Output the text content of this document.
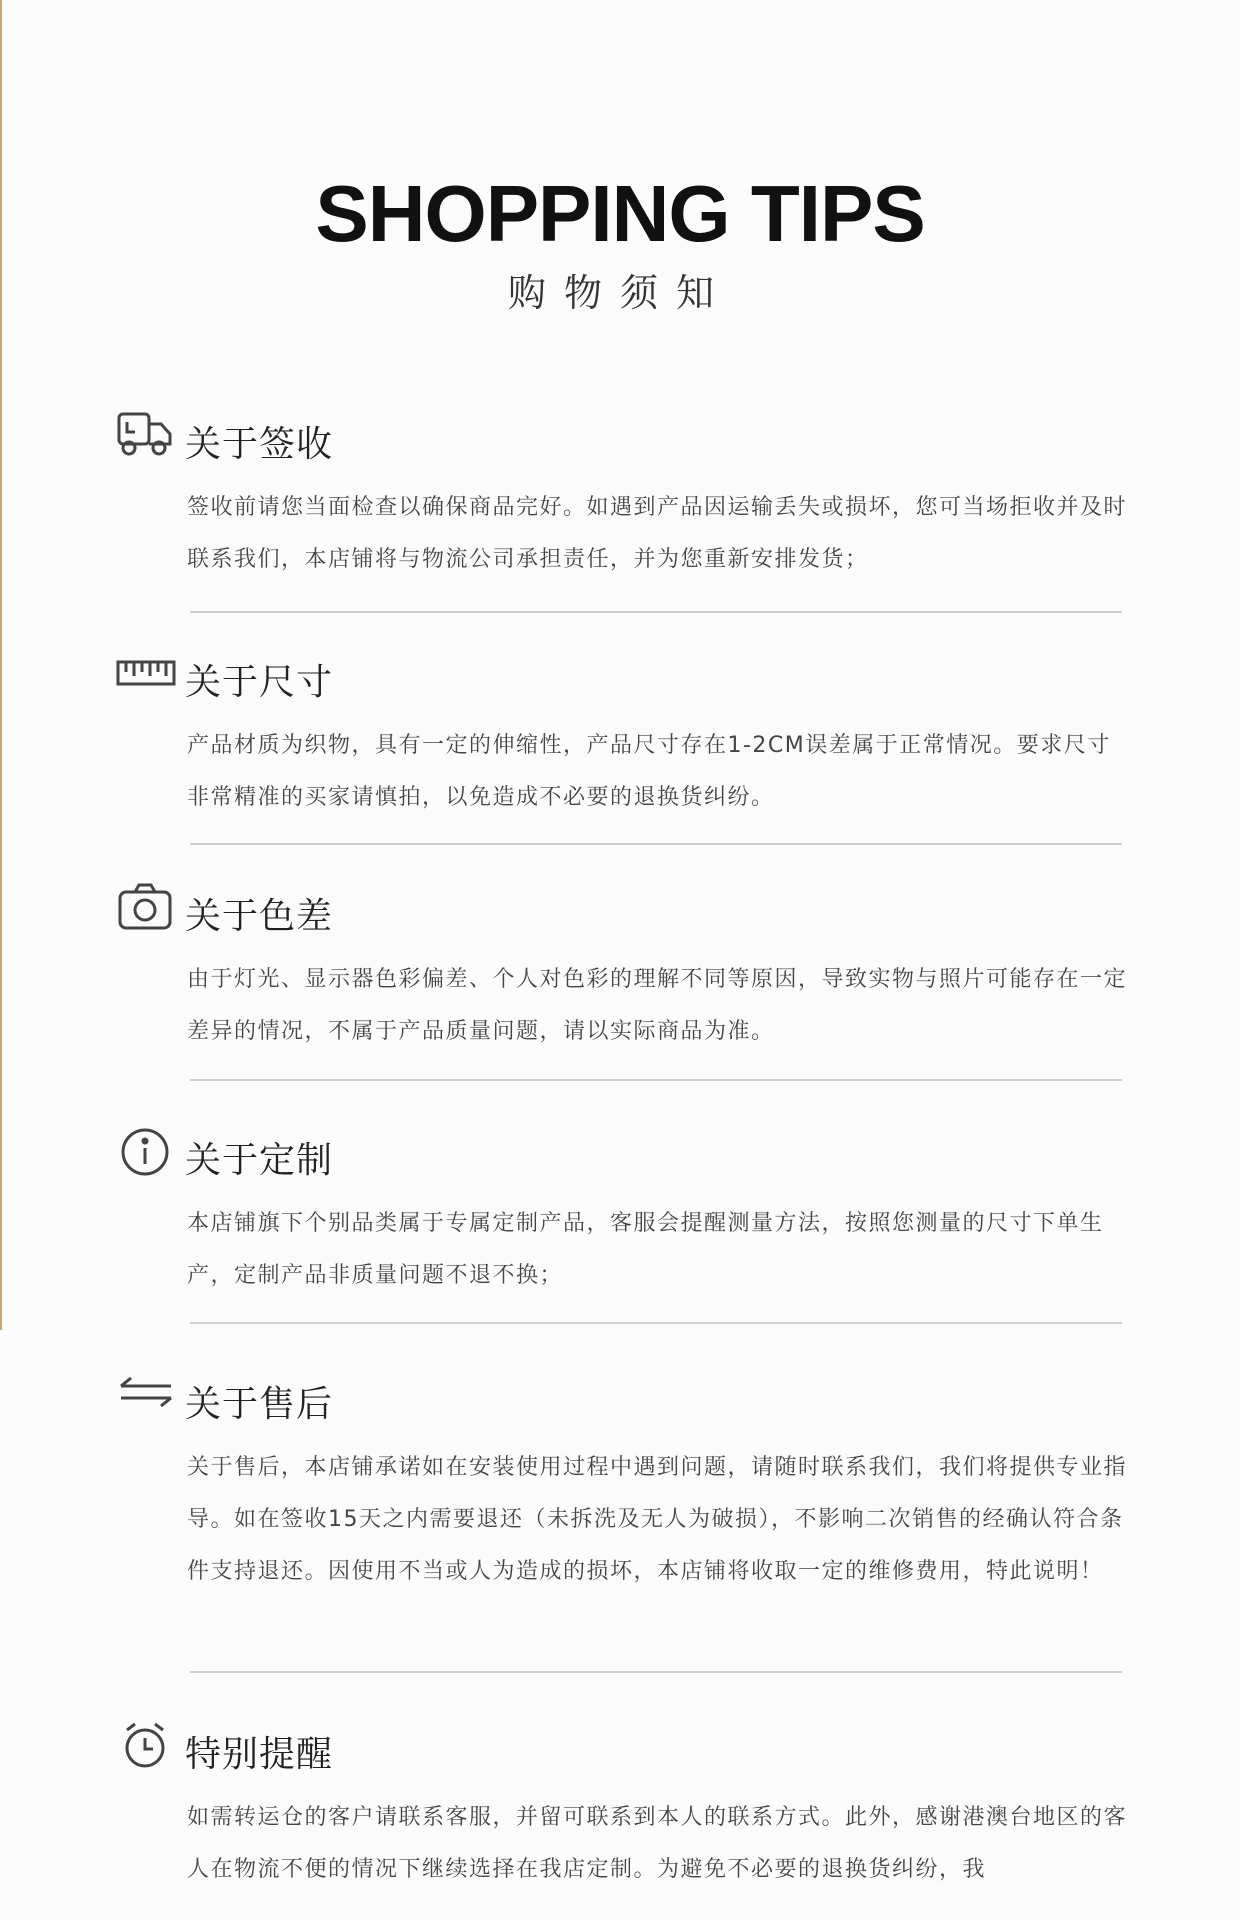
SHOPPING TIPS
购物须知
关于签收
签收前请您当面检查以确保商品完好。如遇到产品因运输丢失或损坏，您可当场拒收并及时联系我们，本店铺将与物流公司承担责任，并为您重新安排发货；
关于尺寸
产品材质为织物，具有一定的伸缩性，产品尺寸存在1-2CM误差属于正常情况。要求尺寸非常精准的买家请慎拍，以免造成不必要的退换货纠纷。
关于色差
由于灯光、显示器色彩偏差、个人对色彩的理解不同等原因，导致实物与照片可能存在一定差异的情况，不属于产品质量问题，请以实际商品为准。
关于定制
本店铺旗下个别品类属于专属定制产品，客服会提醒测量方法，按照您测量的尺寸下单生产，定制产品非质量问题不退不换；
关于售后
关于售后，本店铺承诺如在安装使用过程中遇到问题，请随时联系我们，我们将提供专业指导。如在签收15天之内需要退还（未拆洗及无人为破损），不影响二次销售的经确认符合条件支持退还。因使用不当或人为造成的损坏，本店铺将收取一定的维修费用，特此说明！
特别提醒
如需转运仓的客户请联系客服，并留可联系到本人的联系方式。此外，感谢港澳台地区的客人在物流不便的情况下继续选择在我店定制。为避免不必要的退换货纠纷，我
